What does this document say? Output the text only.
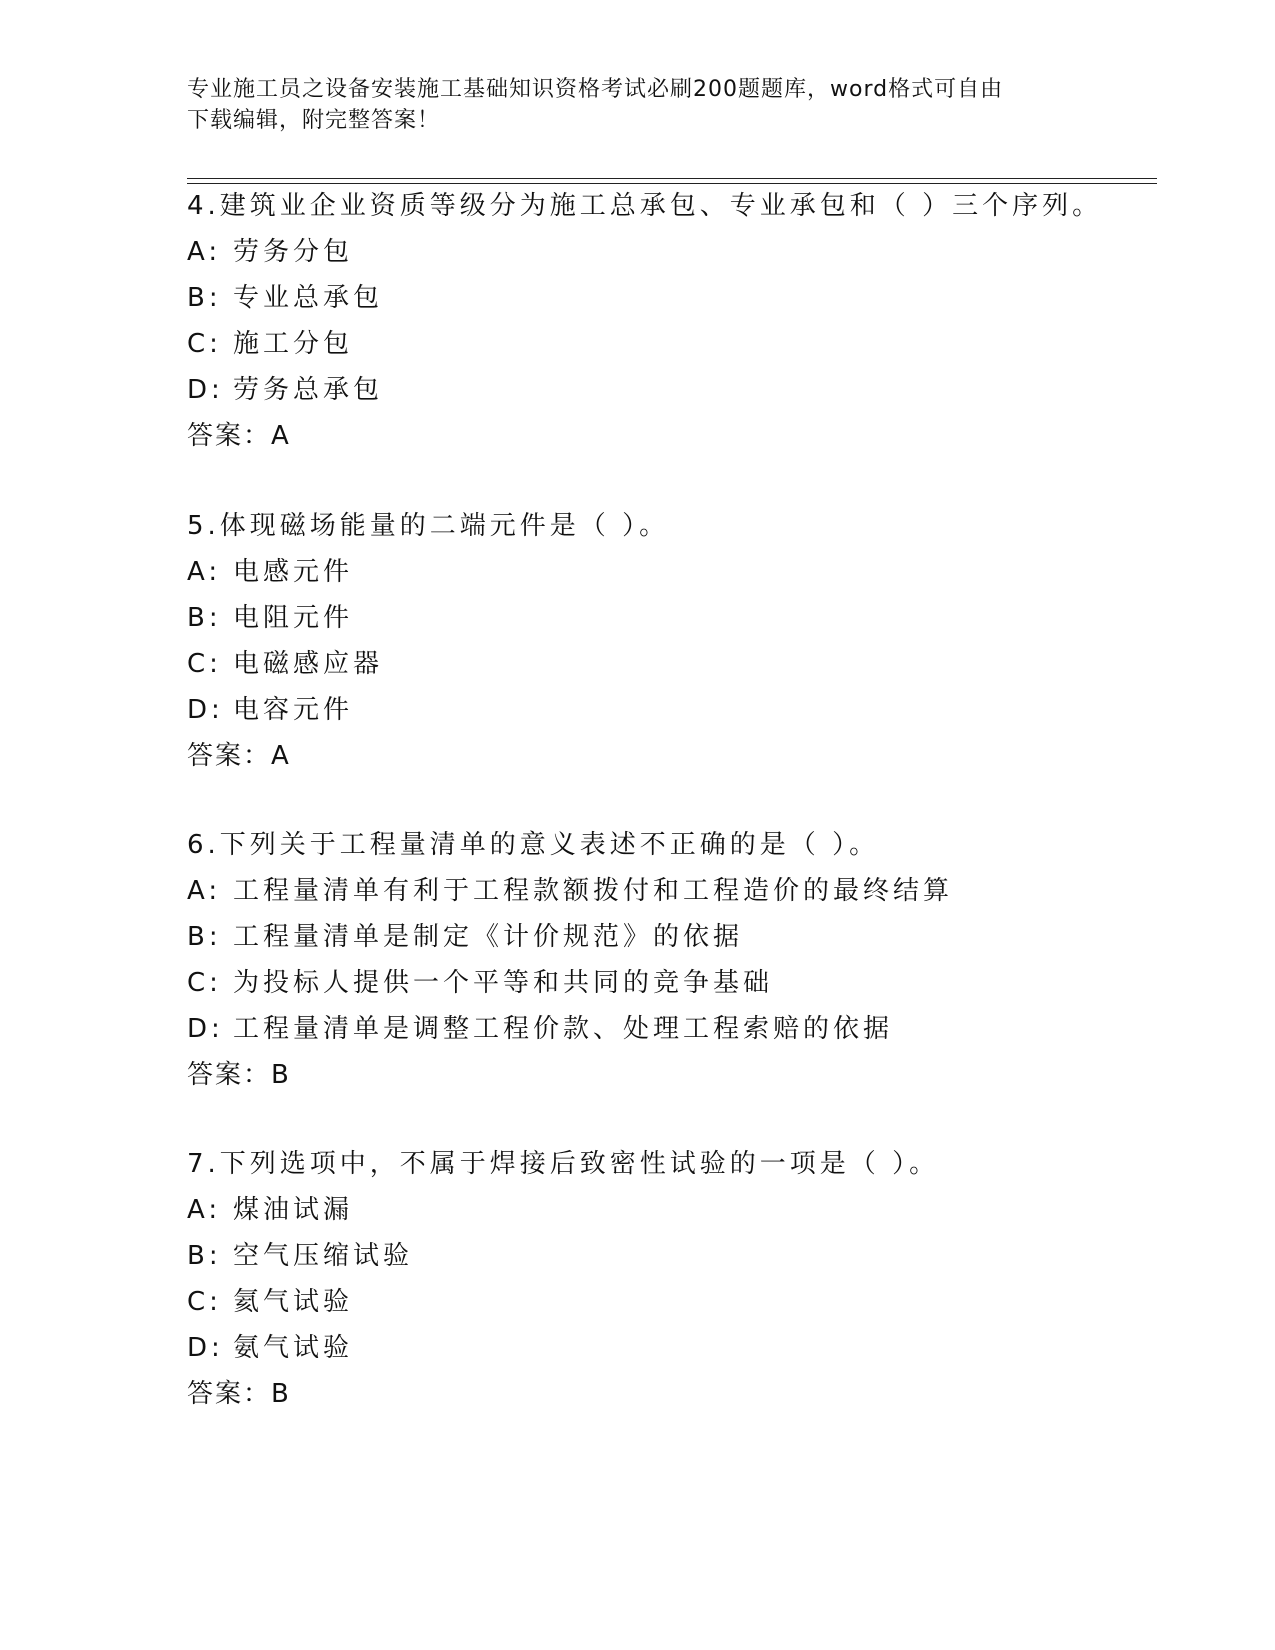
专业施工员之设备安装施工基础知识资格考试必刷200题题库，word格式可自由
下载编辑，附完整答案！
4.建筑业企业资质等级分为施工总承包、专业承包和（ ）三个序列。
A: 劳务分包
B: 专业总承包
C: 施工分包
D: 劳务总承包
答案：A
5.体现磁场能量的二端元件是（ ）。
A: 电感元件
B: 电阻元件
C: 电磁感应器
D: 电容元件
答案：A
6.下列关于工程量清单的意义表述不正确的是（ ）。
A: 工程量清单有利于工程款额拨付和工程造价的最终结算
B: 工程量清单是制定《计价规范》的依据
C: 为投标人提供一个平等和共同的竞争基础
D: 工程量清单是调整工程价款、处理工程索赔的依据
答案：B
7.下列选项中，不属于焊接后致密性试验的一项是（ ）。
A: 煤油试漏
B: 空气压缩试验
C: 氦气试验
D: 氨气试验
答案：B
